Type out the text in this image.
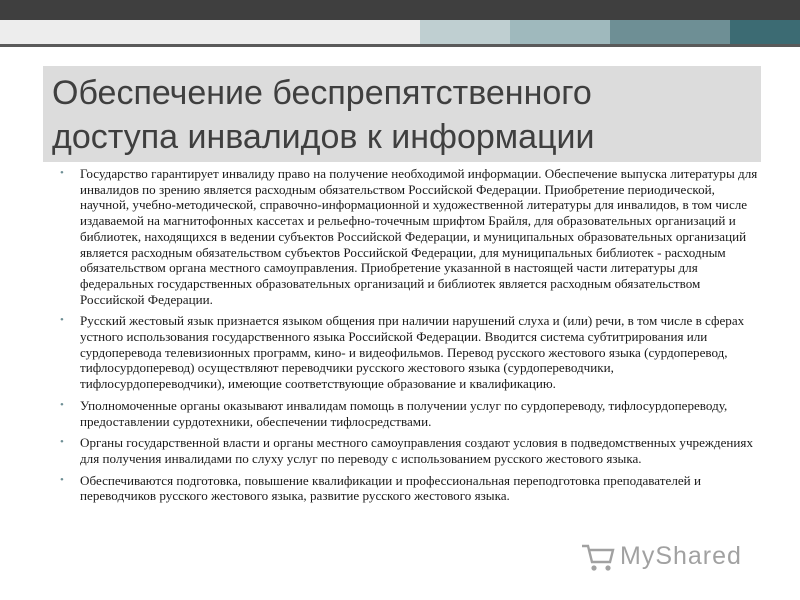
Обеспечение беспрепятственного
доступа инвалидов к информации
• Государство гарантирует инвалиду право на получение необходимой информации. Обеспечение выпуска литературы для инвалидов по зрению является расходным обязательством Российской Федерации. Приобретение периодической, научной, учебно-методической, справочно-информационной и художественной литературы для инвалидов, в том числе издаваемой на магнитофонных кассетах и рельефно-точечным шрифтом Брайля, для образовательных организаций и библиотек, находящихся в ведении субъектов Российской Федерации, и муниципальных образовательных организаций является расходным обязательством субъектов Российской Федерации, для муниципальных библиотек - расходным обязательством органа местного самоуправления. Приобретение указанной в настоящей части литературы для федеральных государственных образовательных организаций и библиотек является расходным обязательством Российской Федерации.
• Русский жестовый язык признается языком общения при наличии нарушений слуха и (или) речи, в том числе в сферах устного использования государственного языка Российской Федерации. Вводится система субтитрирования или сурдоперевода телевизионных программ, кино- и видеофильмов. Перевод русского жестового языка (сурдоперевод, тифлосурдоперевод) осуществляют переводчики русского жестового языка (сурдопереводчики, тифлосурдопереводчики), имеющие соответствующие образование и квалификацию.
• Уполномоченные органы оказывают инвалидам помощь в получении услуг по сурдопереводу, тифлосурдопереводу, предоставлении сурдотехники, обеспечении тифлосредствами.
• Органы государственной власти и органы местного самоуправления создают условия в подведомственных учреждениях для получения инвалидами по слуху услуг по переводу с использованием русского жестового языка.
• Обеспечиваются подготовка, повышение квалификации и профессиональная переподготовка преподавателей и переводчиков русского жестового языка, развитие русского жестового языка.
MyShared
